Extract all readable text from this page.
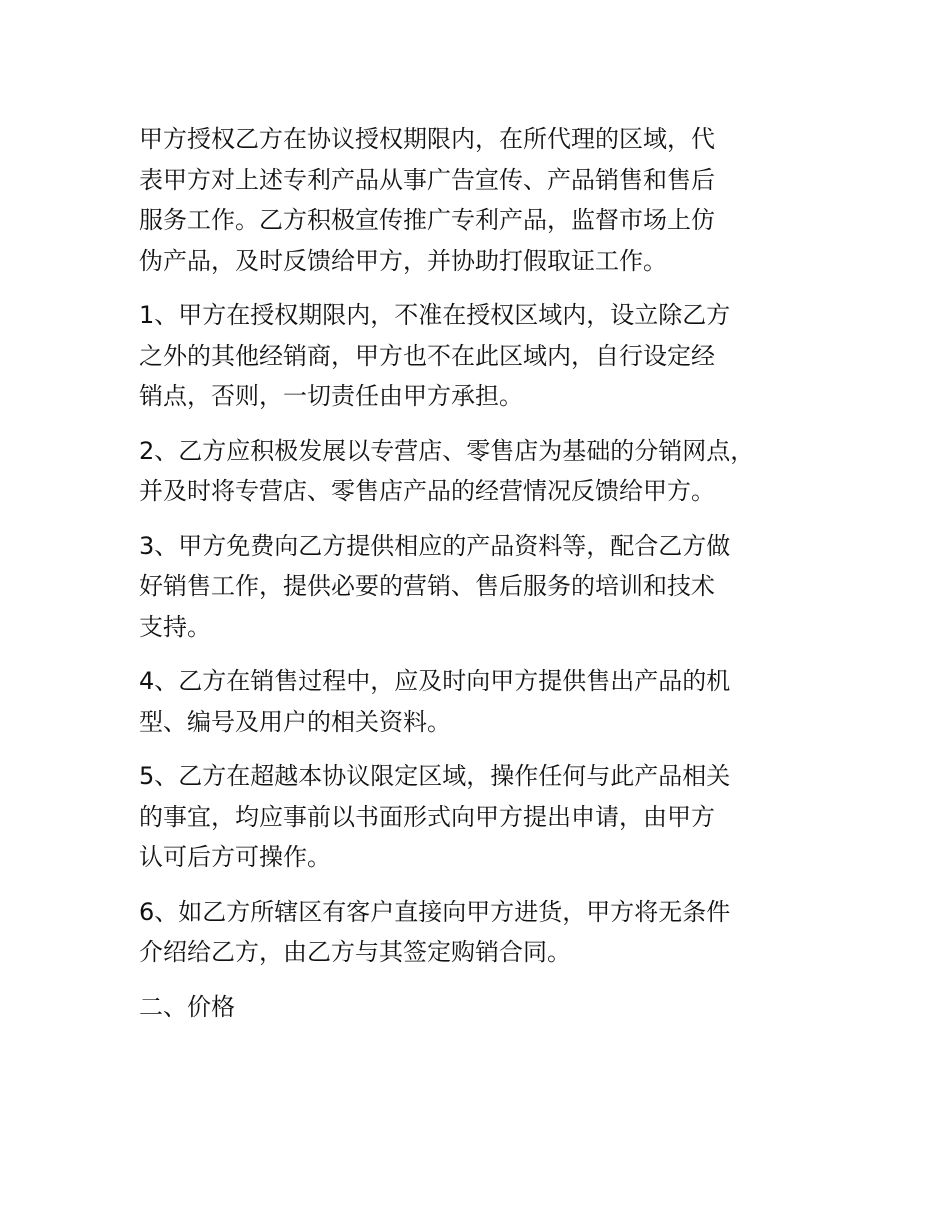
甲方授权乙方在协议授权期限内，在所代理的区域，代
表甲方对上述专利产品从事广告宣传、产品销售和售后
服务工作。乙方积极宣传推广专利产品，监督市场上仿
伪产品，及时反馈给甲方，并协助打假取证工作。

1、甲方在授权期限内，不准在授权区域内，设立除乙方
之外的其他经销商，甲方也不在此区域内，自行设定经
销点，否则，一切责任由甲方承担。

2、乙方应积极发展以专营店、零售店为基础的分销网点，
并及时将专营店、零售店产品的经营情况反馈给甲方。

3、甲方免费向乙方提供相应的产品资料等，配合乙方做
好销售工作，提供必要的营销、售后服务的培训和技术
支持。

4、乙方在销售过程中，应及时向甲方提供售出产品的机
型、编号及用户的相关资料。

5、乙方在超越本协议限定区域，操作任何与此产品相关
的事宜，均应事前以书面形式向甲方提出申请，由甲方
认可后方可操作。

6、如乙方所辖区有客户直接向甲方进货，甲方将无条件
介绍给乙方，由乙方与其签定购销合同。

二、价格
